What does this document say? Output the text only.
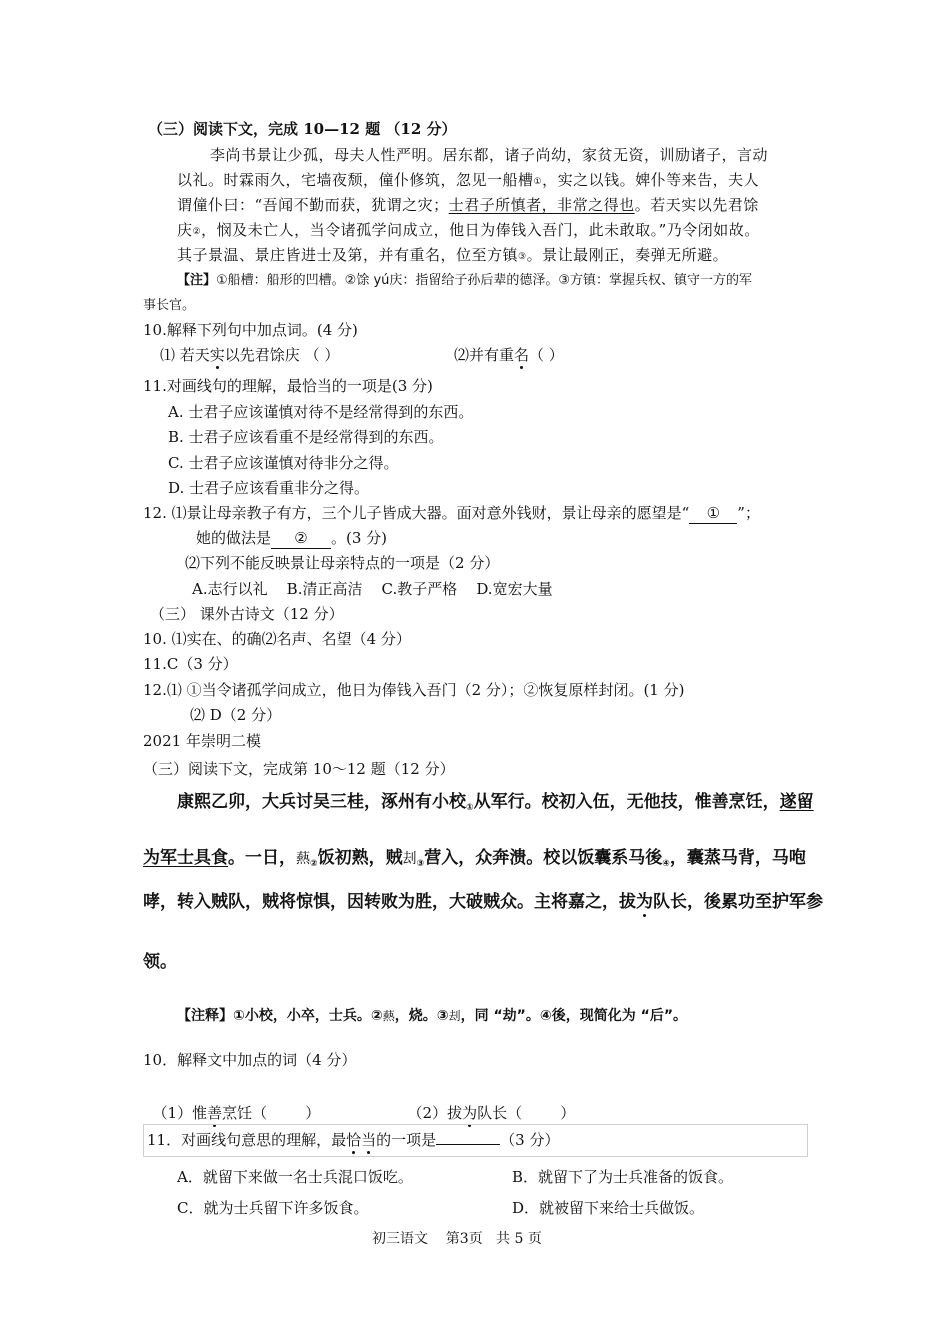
（三）阅读下文，完成 10—12 题 （12 分）
李尚书景让少孤，母夫人性严明。居东都，诸子尚幼，家贫无资，训励诸子，言动
以礼。时霖雨久，宅墙夜颓，僮仆修筑，忽见一船槽①，实之以钱。婢仆等来告，夫人
谓僮仆曰：“吾闻不勤而获，犹谓之灾；士君子所慎者，非常之得也。若天实以先君馀
庆②，悯及未亡人，当令诸孤学问成立，他日为俸钱入吾门，此未敢取。”乃令闭如故。
其子景温、景庄皆进士及第，并有重名，位至方镇③。景让最刚正，奏弹无所避。
【注】①船槽：船形的凹槽。②馀 yú庆：指留给子孙后辈的德泽。③方镇：掌握兵权、镇守一方的军
事长官。
10.解释下列句中加点词。(4 分)
⑴ 若天实以先君馀庆 （ ）	⑵并有重名（ ）
11.对画线句的理解，最恰当的一项是(3 分)
A. 士君子应该谨慎对待不是经常得到的东西。
B. 士君子应该看重不是经常得到的东西。
C. 士君子应该谨慎对待非分之得。
D. 士君子应该看重非分之得。
12. ⑴景让母亲教子有方，三个儿子皆成大器。面对意外钱财，景让母亲的愿望是“①”；
她的做法是②。(3 分)
⑵下列不能反映景让母亲特点的一项是（2 分）
A.志行以礼    B.清正高洁    C.教子严格    D.宽宏大量
（三） 课外古诗文（12 分）
10. ⑴实在、的确⑵名声、名望（4 分）
11.C（3 分）
12.⑴ ①当令诸孤学问成立，他日为俸钱入吾门（2 分）；②恢复原样封闭。(1 分)
⑵ D（2 分）
2021 年崇明二模
（三）阅读下文，完成第 10～12 题（12 分）
康熙乙卯，大兵讨吴三桂，涿州有小校$_①$从军行。校初入伍，无他技，惟善烹饪，遂留
为军士具食。一日，爇$_②$饭初熟，贼刦$_③$营入，众奔溃。校以饭囊系马後$_④$，囊蒸马背，马咆
哮，转入贼队，贼将惊惧，因转败为胜，大破贼众。主将嘉之，拔为队长，後累功至护军参
领。
【注释】①小校，小卒，士兵。②爇，烧。③刦，同 “劫”。④後，现简化为 “后”。
10．解释文中加点的词（4 分）

（1）惟善烹饪（        ）	（2）拔为队长（        ）

11．对画线句意思的理解，最恰当的一项是	（3 分）
A．就留下来做一名士兵混口饭吃。	B．就留下了为士兵准备的饭食。
C．就为士兵留下许多饭食。	D．就被留下来给士兵做饭。
初三语文    第3页   共 5 页
